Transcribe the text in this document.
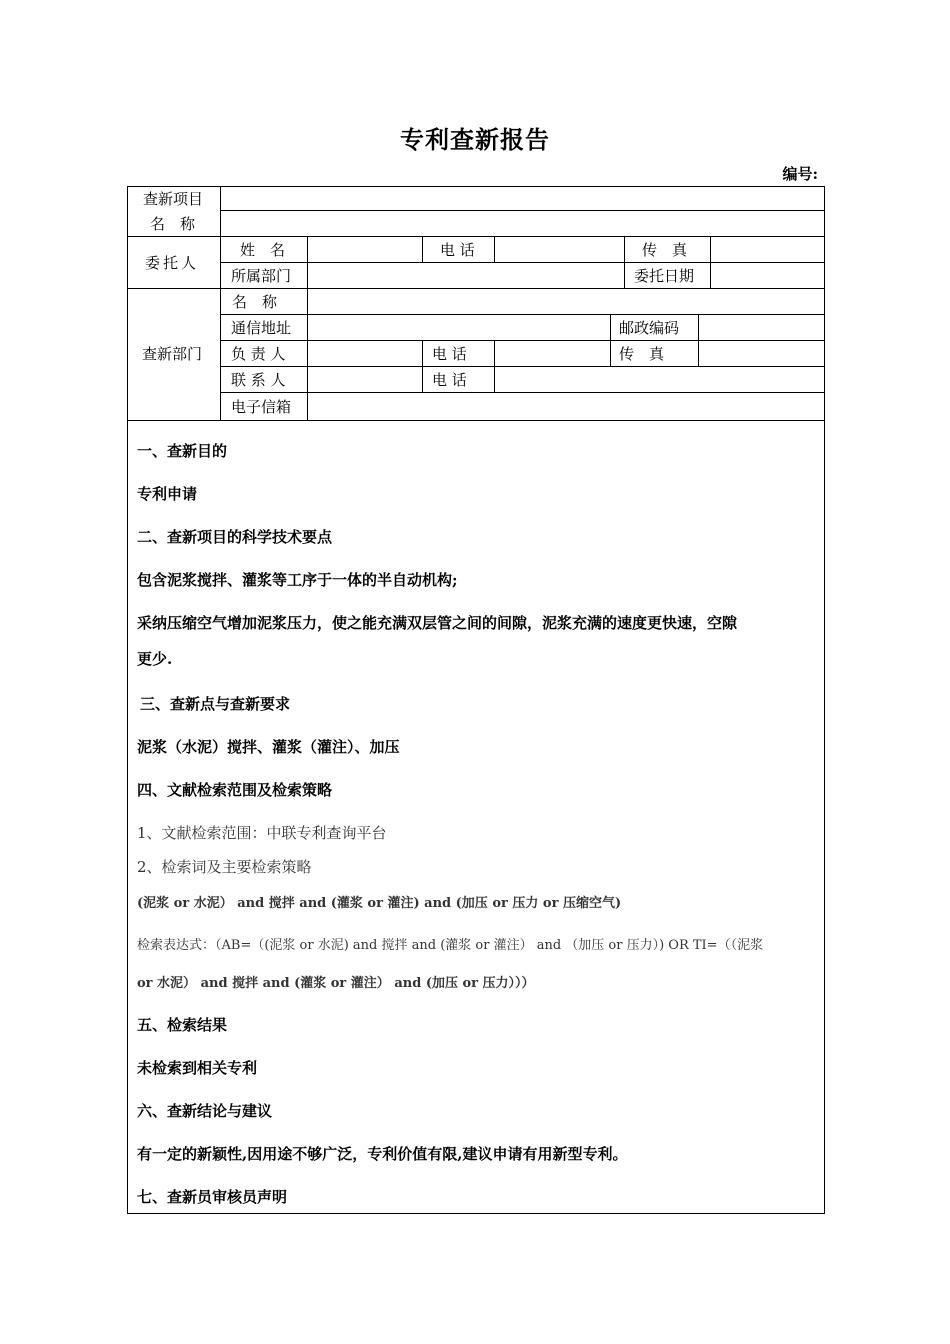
专利查新报告
编号:
查新项目
名　称
委托人
姓　名	电 话	传　真
所属部门	委托日期
查新部门
名　称
通信地址	邮政编码
负 责 人	电 话	传　真
联 系 人	电 话
电子信箱
一、查新目的
专利申请
二、查新项目的科学技术要点
包含泥浆搅拌、灌浆等工序于一体的半自动机构;
采纳压缩空气增加泥浆压力，使之能充满双层管之间的间隙，泥浆充满的速度更快速，空隙
更少.
三、查新点与查新要求
泥浆（水泥）搅拌、灌浆（灌注）、加压
四、文献检索范围及检索策略
1、文献检索范围：中联专利查询平台
2、检索词及主要检索策略
(泥浆 or 水泥） and 搅拌 and (灌浆 or 灌注) and (加压 or 压力 or 压缩空气)
检索表达式：（AB=（(泥浆 or 水泥) and 搅拌 and (灌浆 or 灌注） and （加压 or 压力）) OR TI=（（泥浆
or 水泥） and 搅拌 and (灌浆 or 灌注） and (加压 or 压力）））
五、检索结果
未检索到相关专利
六、查新结论与建议
有一定的新颖性,因用途不够广泛，专利价值有限,建议申请有用新型专利。
七、查新员审核员声明
